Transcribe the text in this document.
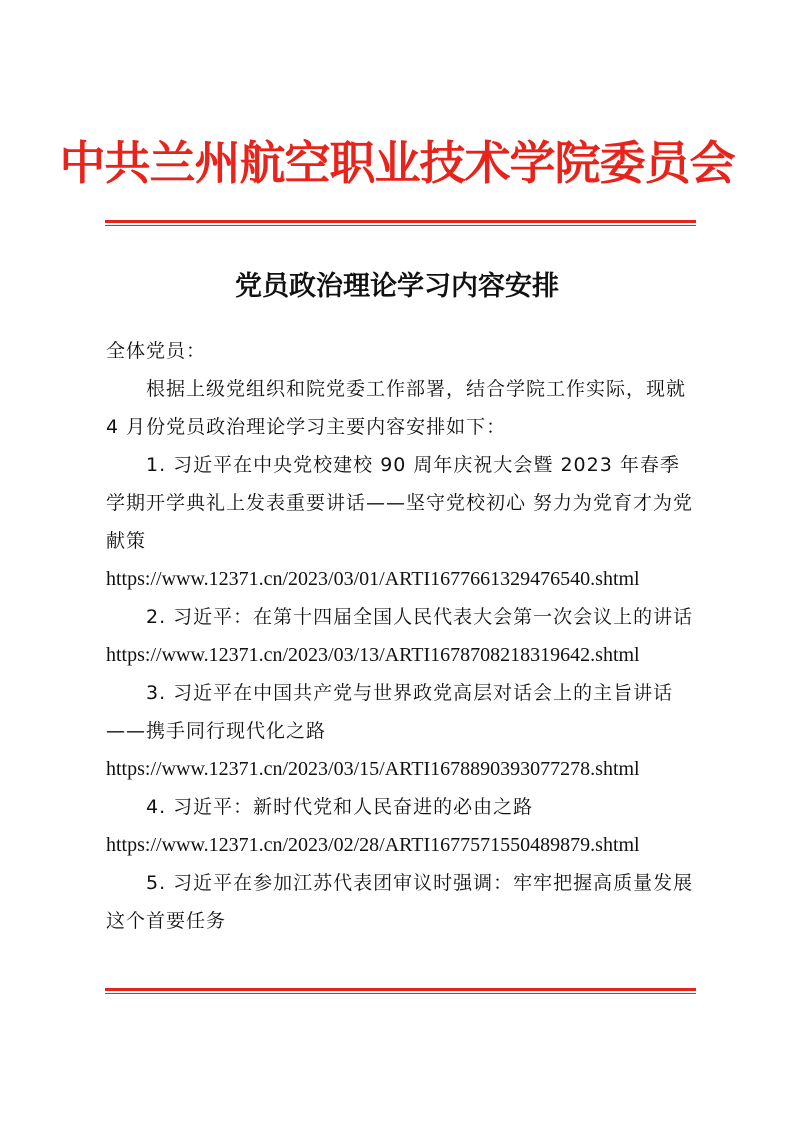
中共兰州航空职业技术学院委员会
党员政治理论学习内容安排

全体党员：

根据上级党组织和院党委工作部署，结合学院工作实际，现就 4 月份党员政治理论学习主要内容安排如下：

1. 习近平在中央党校建校 90 周年庆祝大会暨 2023 年春季学期开学典礼上发表重要讲话——坚守党校初心 努力为党育才为党献策

https://www.12371.cn/2023/03/01/ARTI1677661329476540.shtml

2. 习近平：在第十四届全国人民代表大会第一次会议上的讲话

https://www.12371.cn/2023/03/13/ARTI1678708218319642.shtml

3. 习近平在中国共产党与世界政党高层对话会上的主旨讲话——携手同行现代化之路

https://www.12371.cn/2023/03/15/ARTI1678890393077278.shtml

4. 习近平：新时代党和人民奋进的必由之路

https://www.12371.cn/2023/02/28/ARTI1677571550489879.shtml

5. 习近平在参加江苏代表团审议时强调：牢牢把握高质量发展这个首要任务
